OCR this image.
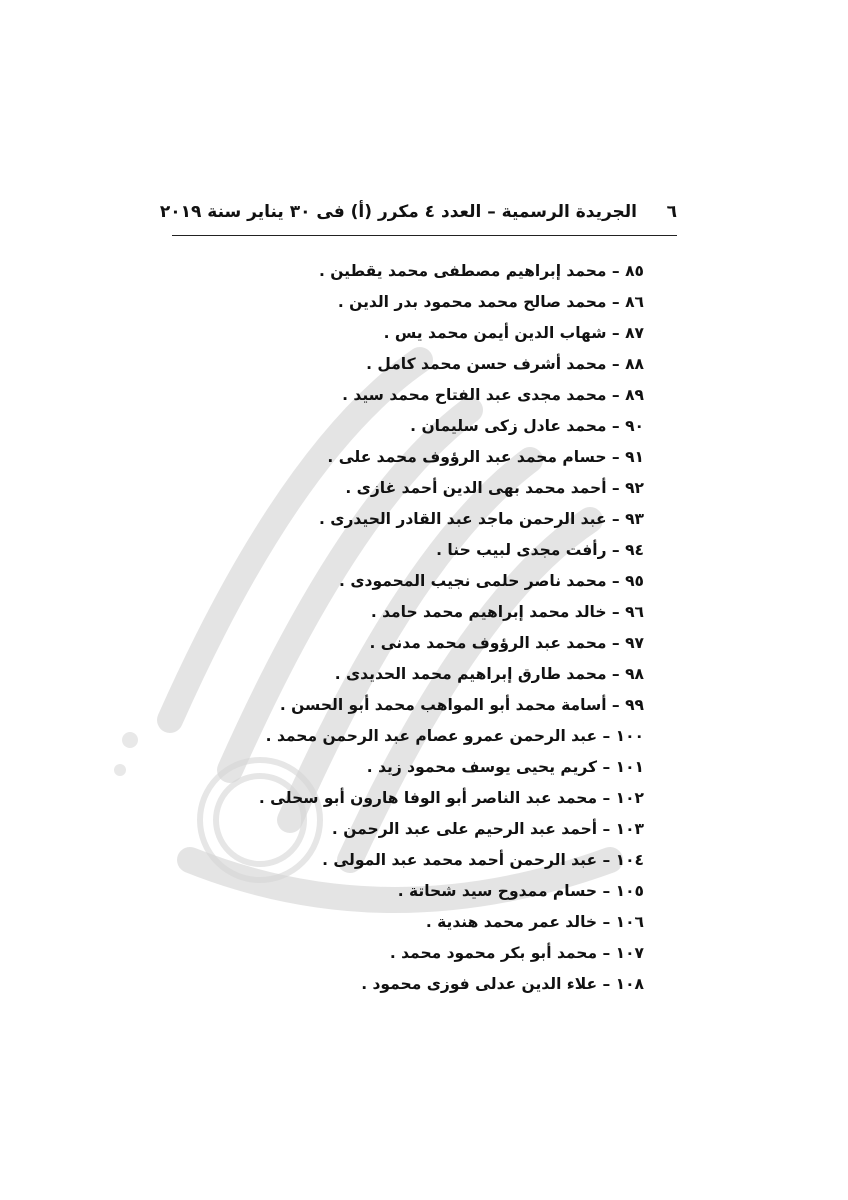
٦
الجريدة الرسمية – العدد ٤ مكرر (أ) فى ٣٠ يناير سنة ٢٠١٩
٨٥ – محمد إبراهيم مصطفى محمد يقطين .
٨٦ – محمد صالح محمد محمود بدر الدين .
٨٧ – شهاب الدين أيمن محمد يس .
٨٨ – محمد أشرف حسن محمد كامل .
٨٩ – محمد مجدى عبد الفتاح محمد سيد .
٩٠ – محمد عادل زكى سليمان .
٩١ – حسام محمد عبد الرؤوف محمد على .
٩٢ – أحمد محمد بهى الدين أحمد غازى .
٩٣ – عبد الرحمن ماجد عبد القادر الحيدرى .
٩٤ – رأفت مجدى لبيب حنا .
٩٥ – محمد ناصر حلمى نجيب المحمودى .
٩٦ – خالد محمد إبراهيم محمد حامد .
٩٧ – محمد عبد الرؤوف محمد مدنى .
٩٨ – محمد طارق إبراهيم محمد الحديدى .
٩٩ – أسامة محمد أبو المواهب محمد أبو الحسن .
١٠٠ – عبد الرحمن عمرو عصام عبد الرحمن محمد .
١٠١ – كريم يحيى يوسف محمود زيد .
١٠٢ – محمد عبد الناصر أبو الوفا هارون أبو سحلى .
١٠٣ – أحمد عبد الرحيم على عبد الرحمن .
١٠٤ – عبد الرحمن أحمد محمد عبد المولى .
١٠٥ – حسام ممدوح سيد شحاتة .
١٠٦ – خالد عمر محمد هندية .
١٠٧ – محمد أبو بكر محمود محمد .
١٠٨ – علاء الدين عدلى فوزى محمود .
